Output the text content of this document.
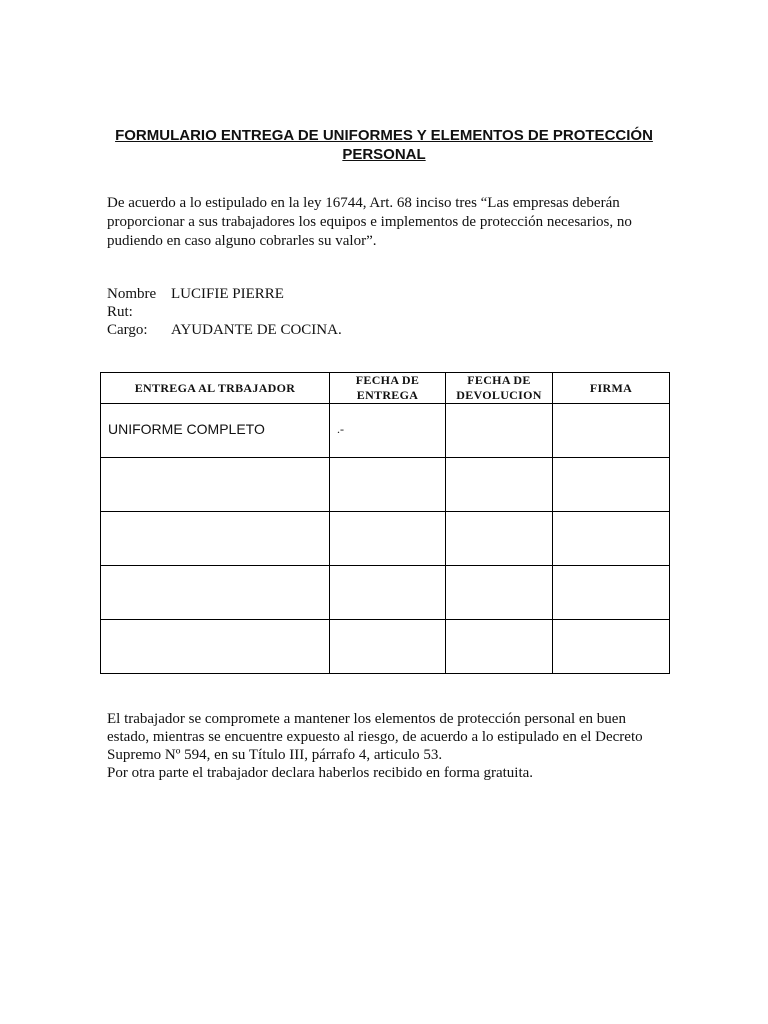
FORMULARIO ENTREGA DE UNIFORMES Y ELEMENTOS DE PROTECCIÓN
PERSONAL
De acuerdo a lo estipulado en la ley 16744, Art. 68 inciso tres “Las empresas deberán proporcionar a sus trabajadores los equipos e implementos de protección necesarios, no pudiendo en caso alguno cobrarles su valor”.
Nombre LUCIFIE PIERRE
Rut:
Cargo: AYUDANTE DE COCINA.
ENTREGA AL TRBAJADOR	FECHA DE ENTREGA	FECHA DE DEVOLUCION	FIRMA

UNIFORME COMPLETO	.-		

El trabajador se compromete a mantener los elementos de protección personal en buen estado, mientras se encuentre expuesto al riesgo, de acuerdo a lo estipulado en el Decreto Supremo Nº 594, en su Título III, párrafo 4, articulo 53.
Por otra parte el trabajador declara haberlos recibido en forma gratuita.
